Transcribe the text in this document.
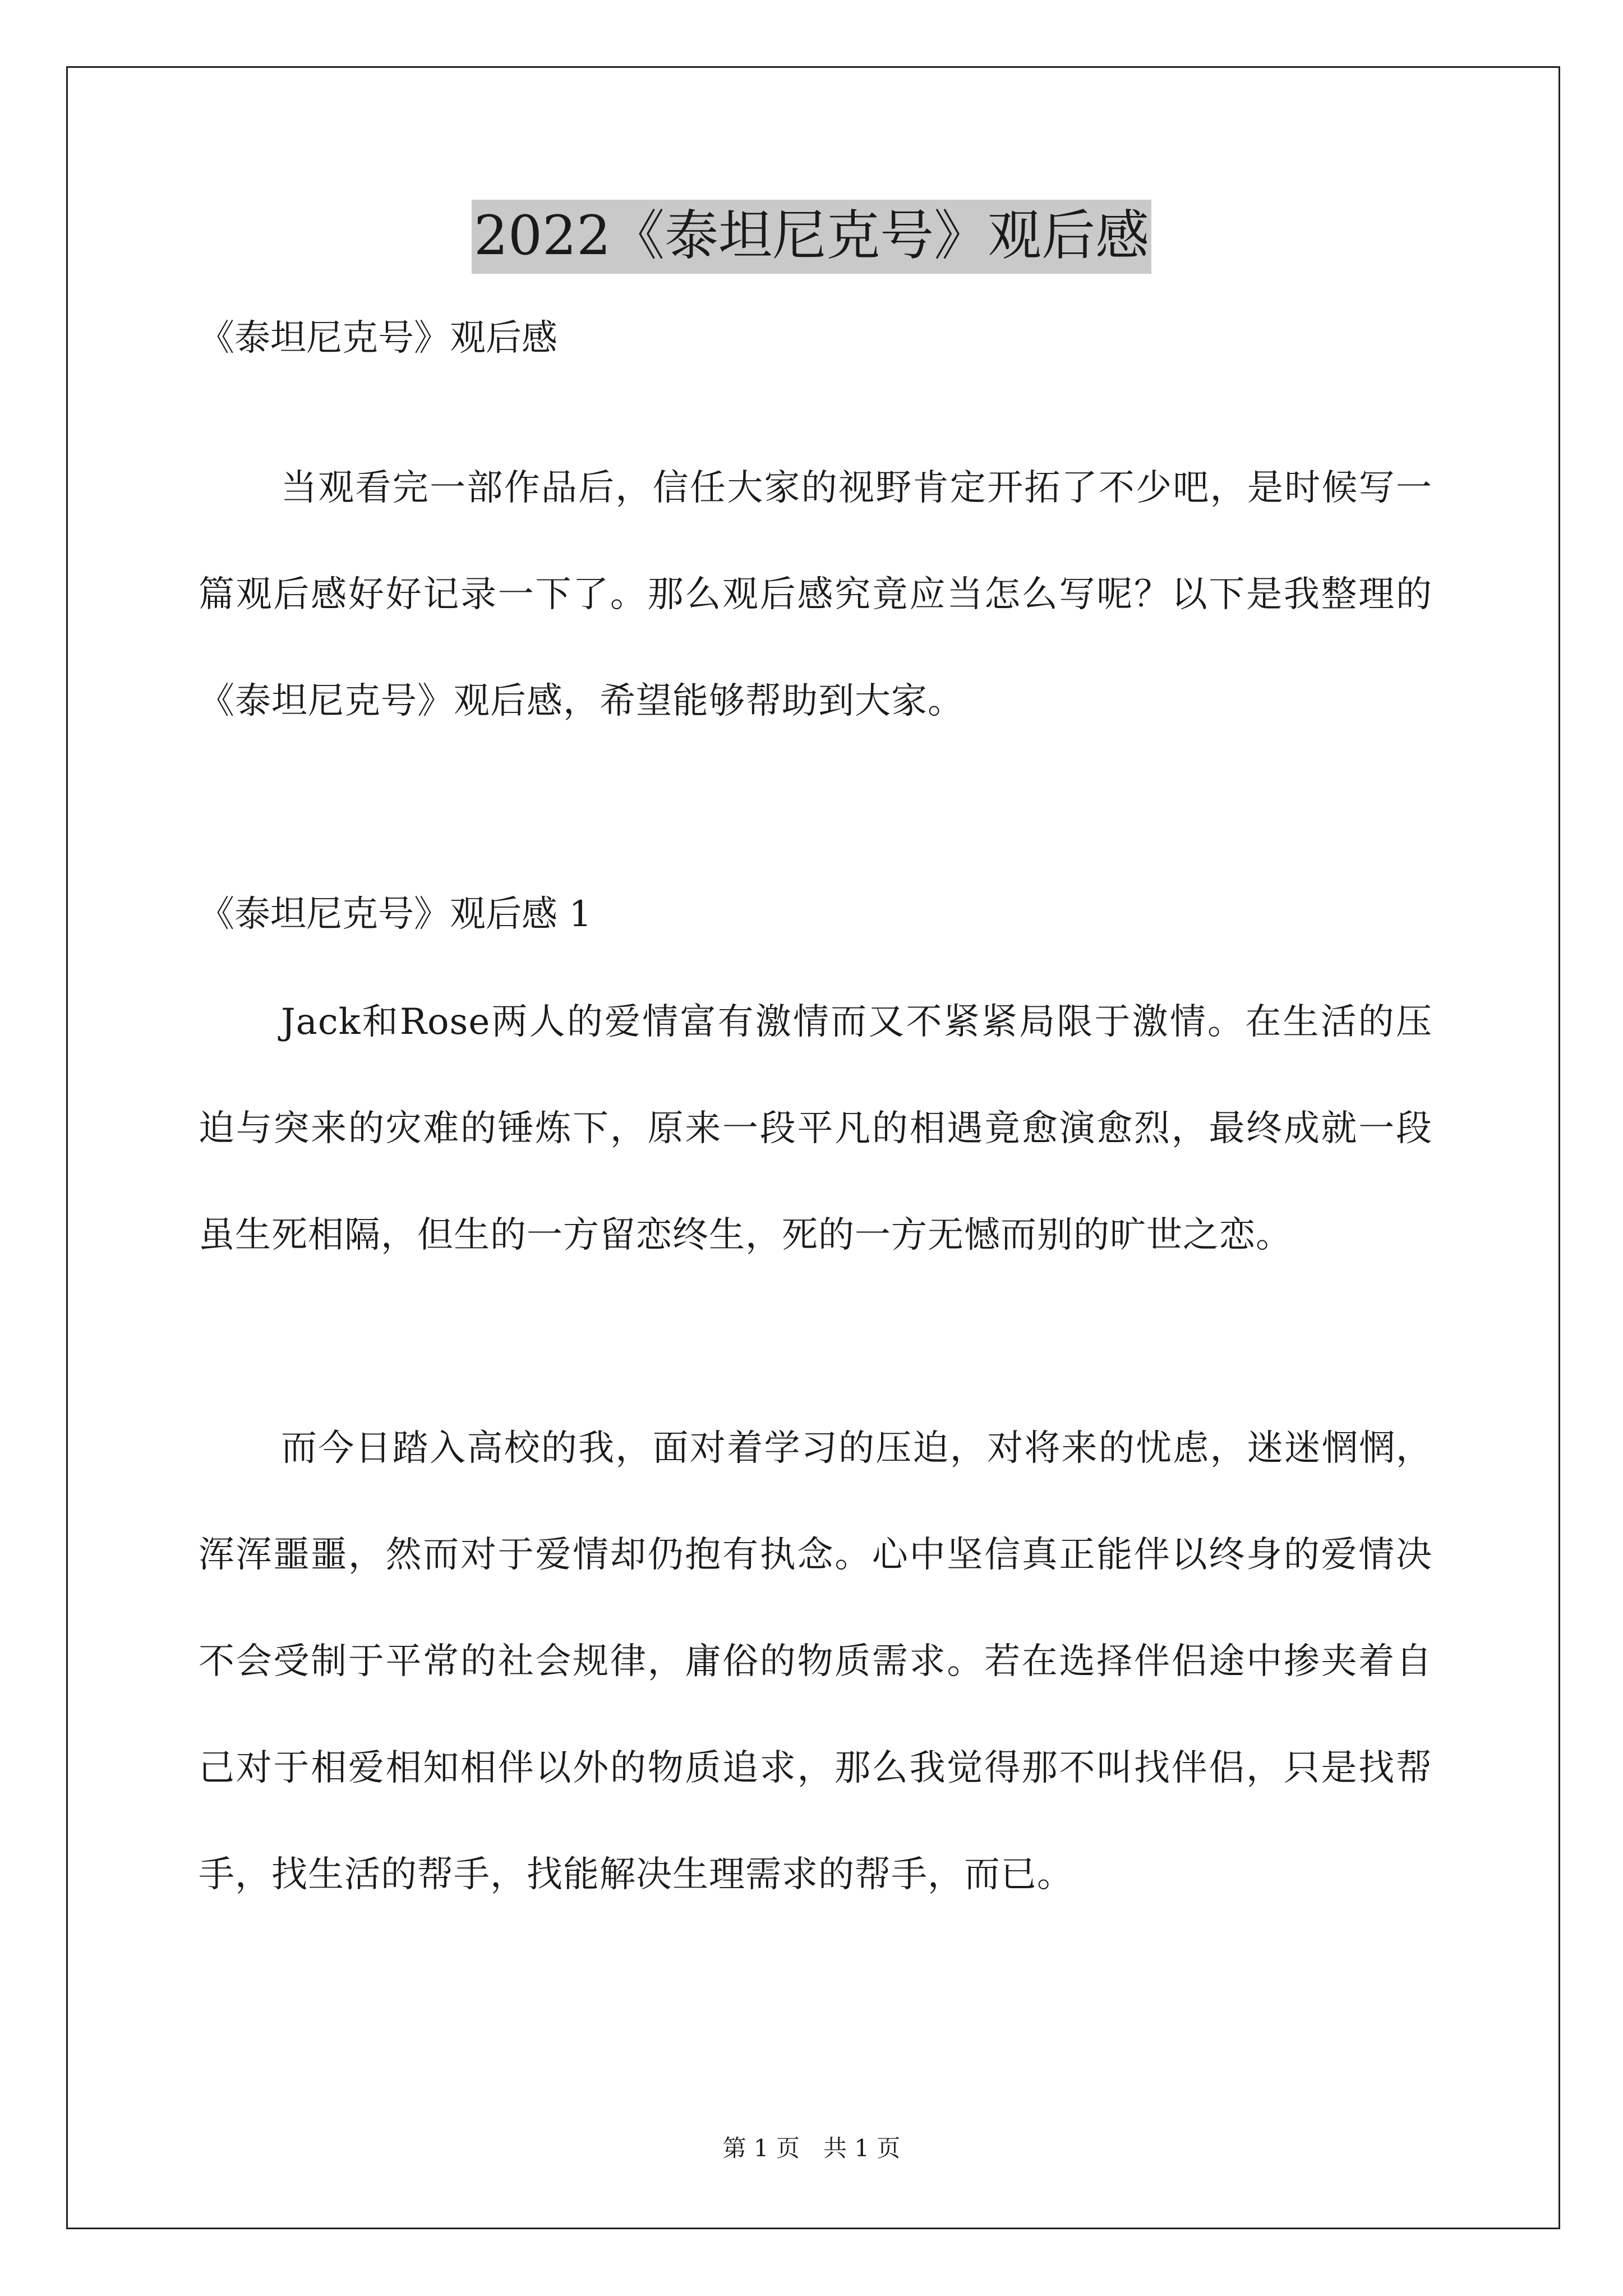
2022《泰坦尼克号》观后感
《泰坦尼克号》观后感
当观看完一部作品后，信任大家的视野肯定开拓了不少吧，是时候写一篇观后感好好记录一下了。那么观后感究竟应当怎么写呢？以下是我整理的《泰坦尼克号》观后感，希望能够帮助到大家。
《泰坦尼克号》观后感 1
Jack和Rose两人的爱情富有激情而又不紧紧局限于激情。在生活的压迫与突来的灾难的锤炼下，原来一段平凡的相遇竟愈演愈烈，最终成就一段虽生死相隔，但生的一方留恋终生，死的一方无憾而别的旷世之恋。
而今日踏入高校的我，面对着学习的压迫，对将来的忧虑，迷迷惘惘，浑浑噩噩，然而对于爱情却仍抱有执念。心中坚信真正能伴以终身的爱情决不会受制于平常的社会规律，庸俗的物质需求。若在选择伴侣途中掺夹着自己对于相爱相知相伴以外的物质追求，那么我觉得那不叫找伴侣，只是找帮手，找生活的帮手，找能解决生理需求的帮手，而已。
第 1 页　共 1 页
